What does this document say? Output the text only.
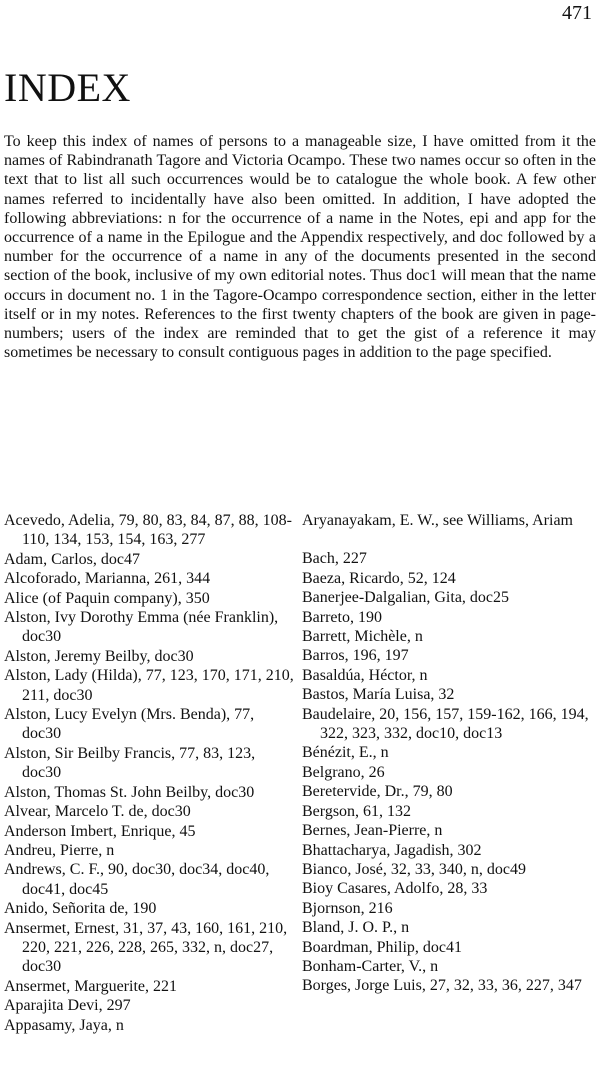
471
INDEX

To keep this index of names of persons to a manageable size, I have omitted from it the names of Rabindranath Tagore and Victoria Ocampo. These two names occur so often in the text that to list all such occurrences would be to catalogue the whole book. A few other names referred to incidentally have also been omitted. In addition, I have adopted the following abbreviations: n for the occurrence of a name in the Notes, epi and app for the occurrence of a name in the Epilogue and the Appendix respectively, and doc followed by a number for the occurrence of a name in any of the documents presented in the second section of the book, inclusive of my own editorial notes. Thus doc1 will mean that the name occurs in document no. 1 in the Tagore-Ocampo correspondence section, either in the letter itself or in my notes. References to the first twenty chapters of the book are given in page-numbers; users of the index are reminded that to get the gist of a reference it may sometimes be necessary to consult contiguous pages in addition to the page specified.

Acevedo, Adelia, 79, 80, 83, 84, 87, 88, 108-110, 134, 153, 154, 163, 277

Adam, Carlos, doc47

Alcoforado, Marianna, 261, 344

Alice (of Paquin company), 350

Alston, Ivy Dorothy Emma (née Franklin), doc30

Alston, Jeremy Beilby, doc30

Alston, Lady (Hilda), 77, 123, 170, 171, 210, 211, doc30

Alston, Lucy Evelyn (Mrs. Benda), 77, doc30

Alston, Sir Beilby Francis, 77, 83, 123, doc30

Alston, Thomas St. John Beilby, doc30

Alvear, Marcelo T. de, doc30

Anderson Imbert, Enrique, 45

Andreu, Pierre, n

Andrews, C. F., 90, doc30, doc34, doc40, doc41, doc45

Anido, Señorita de, 190

Ansermet, Ernest, 31, 37, 43, 160, 161, 210, 220, 221, 226, 228, 265, 332, n, doc27, doc30

Ansermet, Marguerite, 221

Aparajita Devi, 297

Appasamy, Jaya, n

Aryanayakam, E. W., see Williams, Ariam

Bach, 227

Baeza, Ricardo, 52, 124

Banerjee-Dalgalian, Gita, doc25

Barreto, 190

Barrett, Michèle, n

Barros, 196, 197

Basaldúa, Héctor, n

Bastos, María Luisa, 32

Baudelaire, 20, 156, 157, 159-162, 166, 194, 322, 323, 332, doc10, doc13

Bénézit, E., n

Belgrano, 26

Beretervide, Dr., 79, 80

Bergson, 61, 132

Bernes, Jean-Pierre, n

Bhattacharya, Jagadish, 302

Bianco, José, 32, 33, 340, n, doc49

Bioy Casares, Adolfo, 28, 33

Bjornson, 216

Bland, J. O. P., n

Boardman, Philip, doc41

Bonham-Carter, V., n

Borges, Jorge Luis, 27, 32, 33, 36, 227, 347
